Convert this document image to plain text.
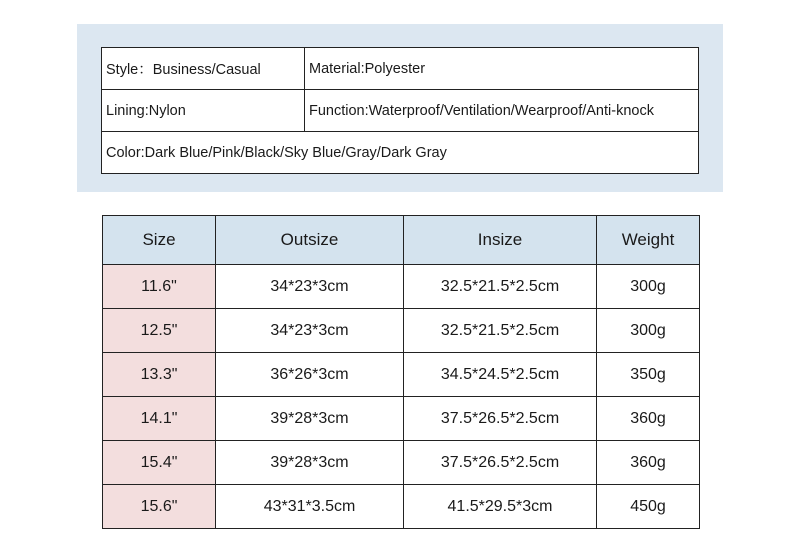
Style：Business/Casual	Material:Polyester
Lining:Nylon	Function:Waterproof/Ventilation/Wearproof/Anti-knock
Color:Dark Blue/Pink/Black/Sky Blue/Gray/Dark Gray	
Size	Outsize	Insize	Weight
11.6"	34*23*3cm	32.5*21.5*2.5cm	300g
12.5"	34*23*3cm	32.5*21.5*2.5cm	300g
13.3"	36*26*3cm	34.5*24.5*2.5cm	350g
14.1"	39*28*3cm	37.5*26.5*2.5cm	360g
15.4"	39*28*3cm	37.5*26.5*2.5cm	360g
15.6"	43*31*3.5cm	41.5*29.5*3cm	450g
